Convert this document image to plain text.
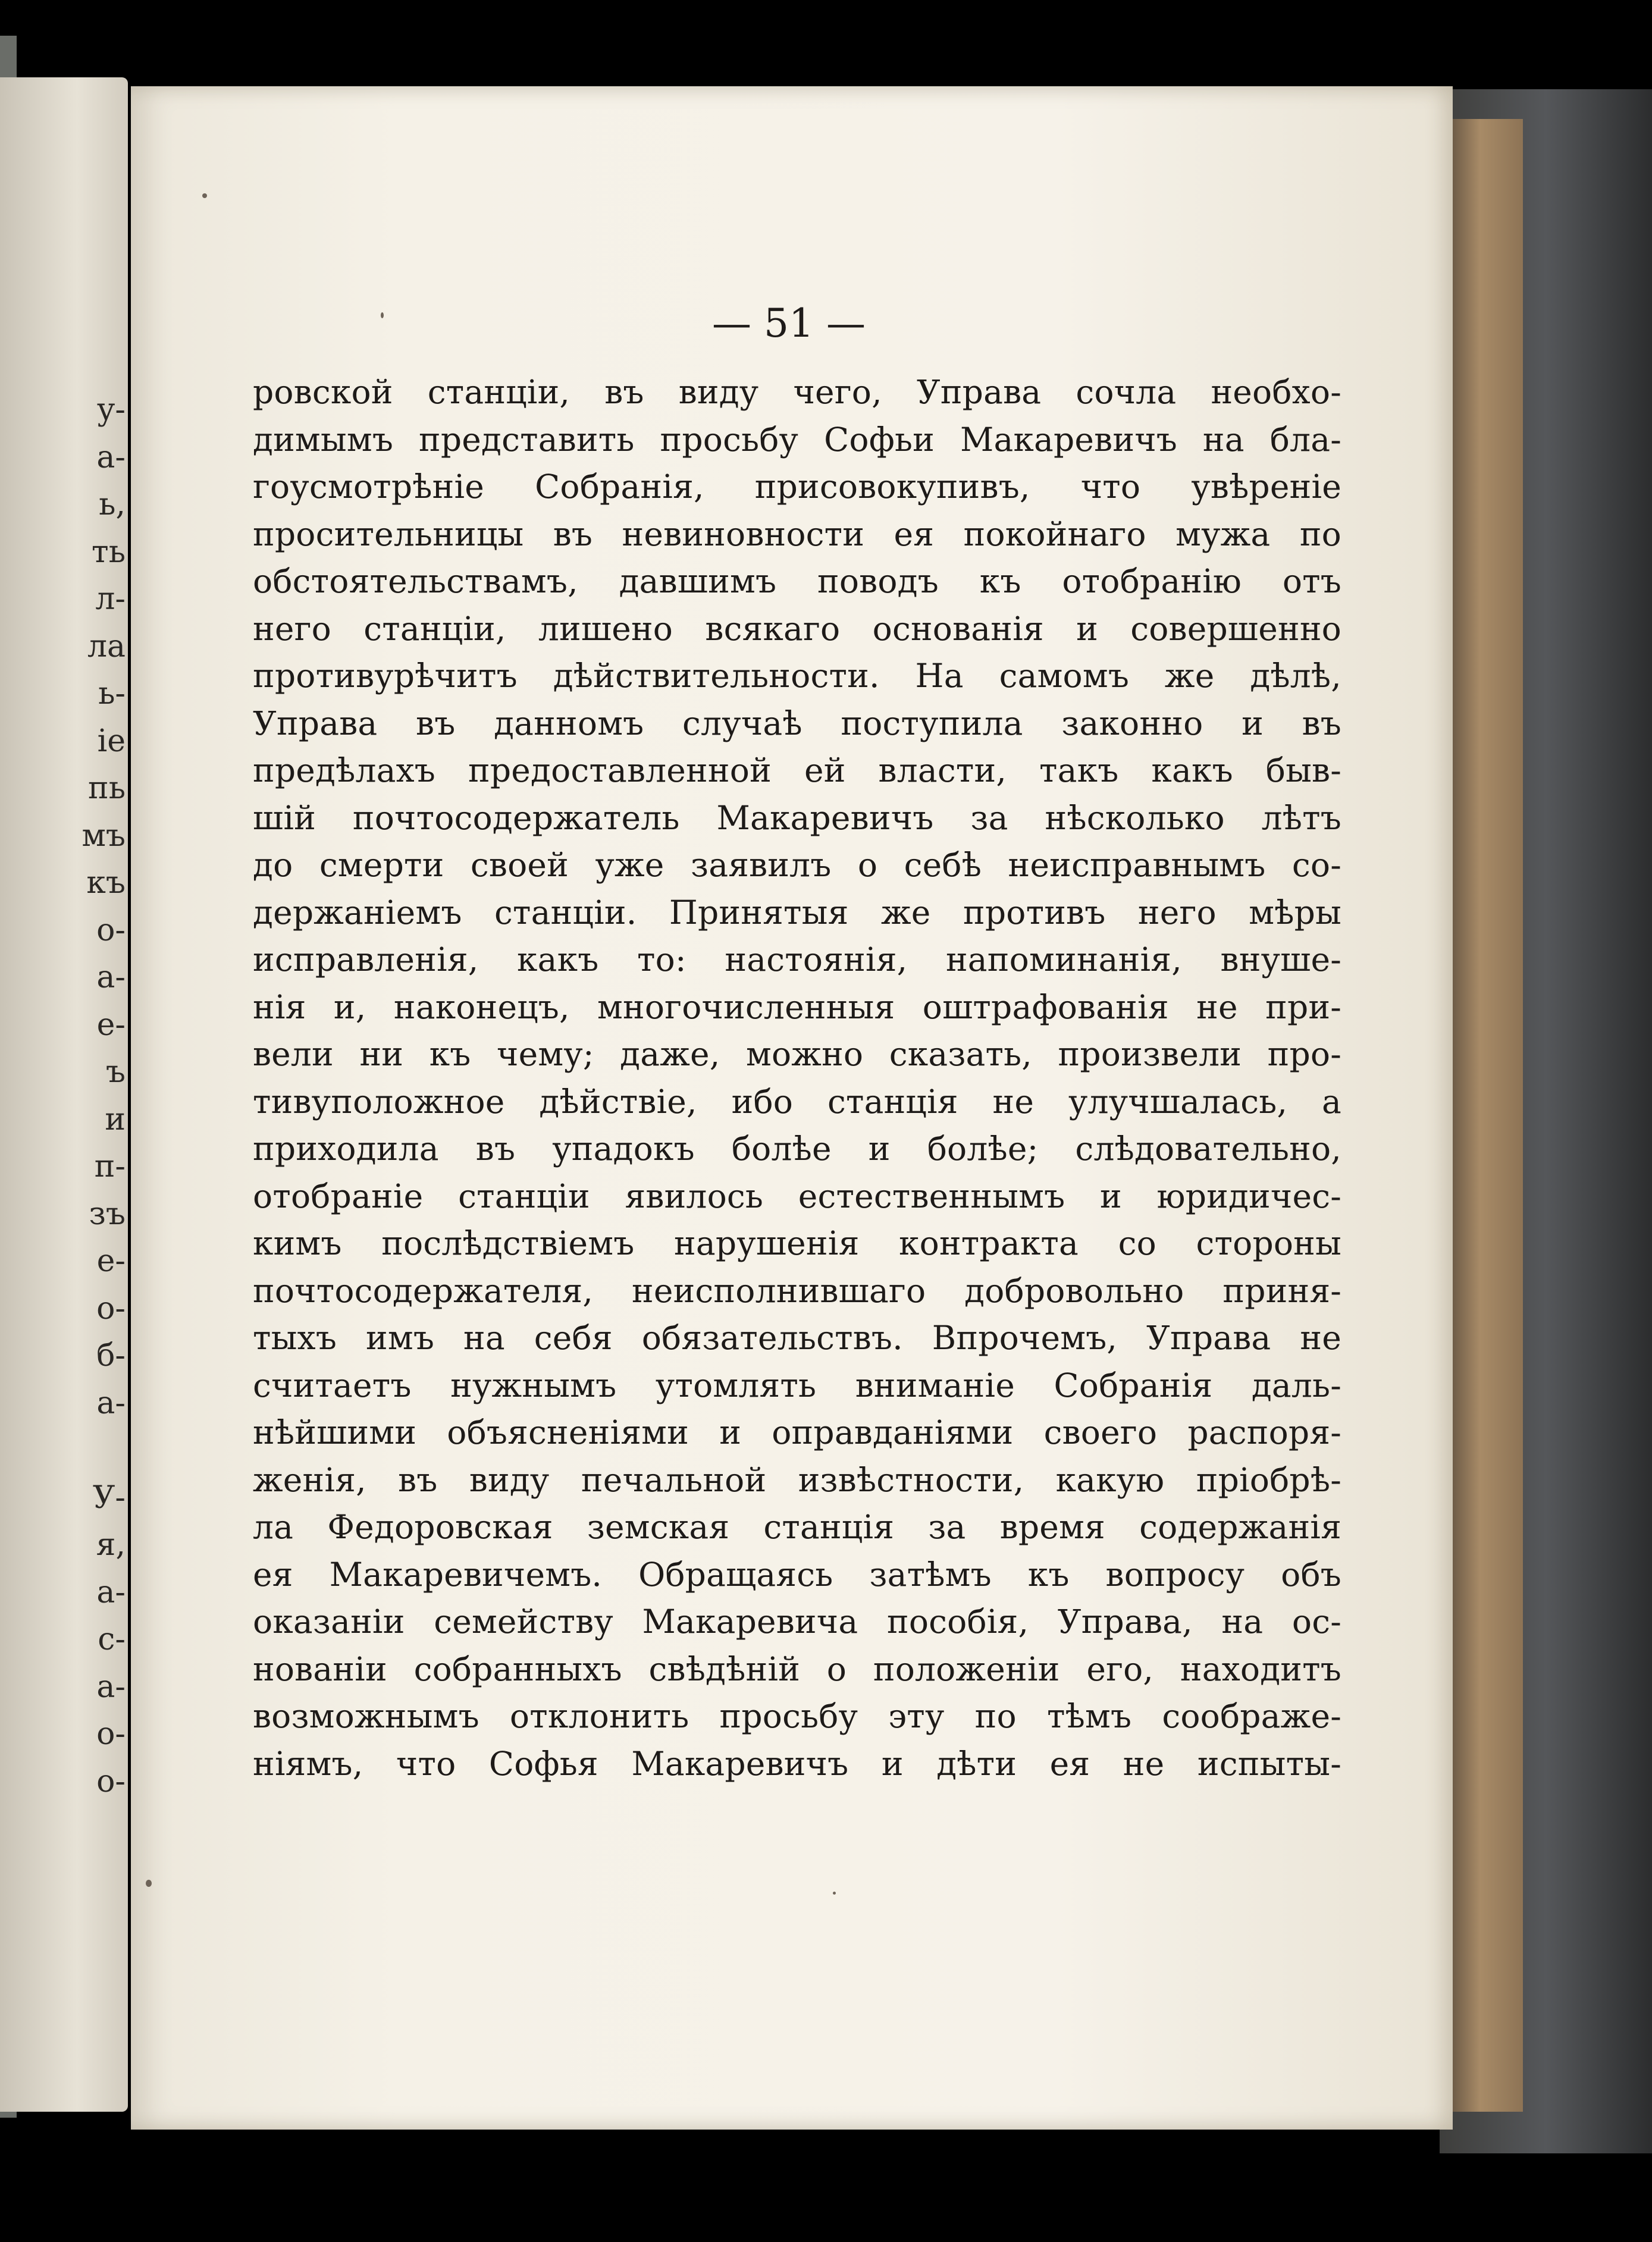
у-
а-
ь,
ть
л-
ла
ь-
іе
пь
мъ
къ
о-
а-
е-
ъ
и
п-
зъ
е-
о-
б-
а-
У-
я,
а-
с-
а-
о-
о-
— 51 —
ровской станціи, въ виду чего, Управа сочла необхо-
димымъ представить просьбу Софьи Макаревичъ на бла-
гоусмотрѣніе Собранія, присовокупивъ, что увѣреніе
просительницы въ невиновности ея покойнаго мужа по
обстоятельствамъ, давшимъ поводъ къ отобранію отъ
него станціи, лишено всякаго основанія и совершенно
противурѣчитъ дѣйствительности. На самомъ же дѣлѣ,
Управа въ данномъ случаѣ поступила законно и въ
предѣлахъ предоставленной ей власти, такъ какъ быв-
шій почтосодержатель Макаревичъ за нѣсколько лѣтъ
до смерти своей уже заявилъ о себѣ неисправнымъ со-
держаніемъ станціи. Принятыя же противъ него мѣры
исправленія, какъ то: настоянія, напоминанія, внуше-
нія и, наконецъ, многочисленныя оштрафованія не при-
вели ни къ чему; даже, можно сказать, произвели про-
тивуположное дѣйствіе, ибо станція не улучшалась, а
приходила въ упадокъ болѣе и болѣе; слѣдовательно,
отобраніе станціи явилось естественнымъ и юридичес-
кимъ послѣдствіемъ нарушенія контракта со стороны
почтосодержателя, неисполнившаго добровольно приня-
тыхъ имъ на себя обязательствъ. Впрочемъ, Управа не
считаетъ нужнымъ утомлять вниманіе Собранія даль-
нѣйшими объясненіями и оправданіями своего распоря-
женія, въ виду печальной извѣстности, какую пріобрѣ-
ла Федоровская земская станція за время содержанія
ея Макаревичемъ. Обращаясь затѣмъ къ вопросу объ
оказаніи семейству Макаревича пособія, Управа, на ос-
нованіи собранныхъ свѣдѣній о положеніи его, находитъ
возможнымъ отклонить просьбу эту по тѣмъ соображе-
ніямъ, что Софья Макаревичъ и дѣти ея не испыты-
